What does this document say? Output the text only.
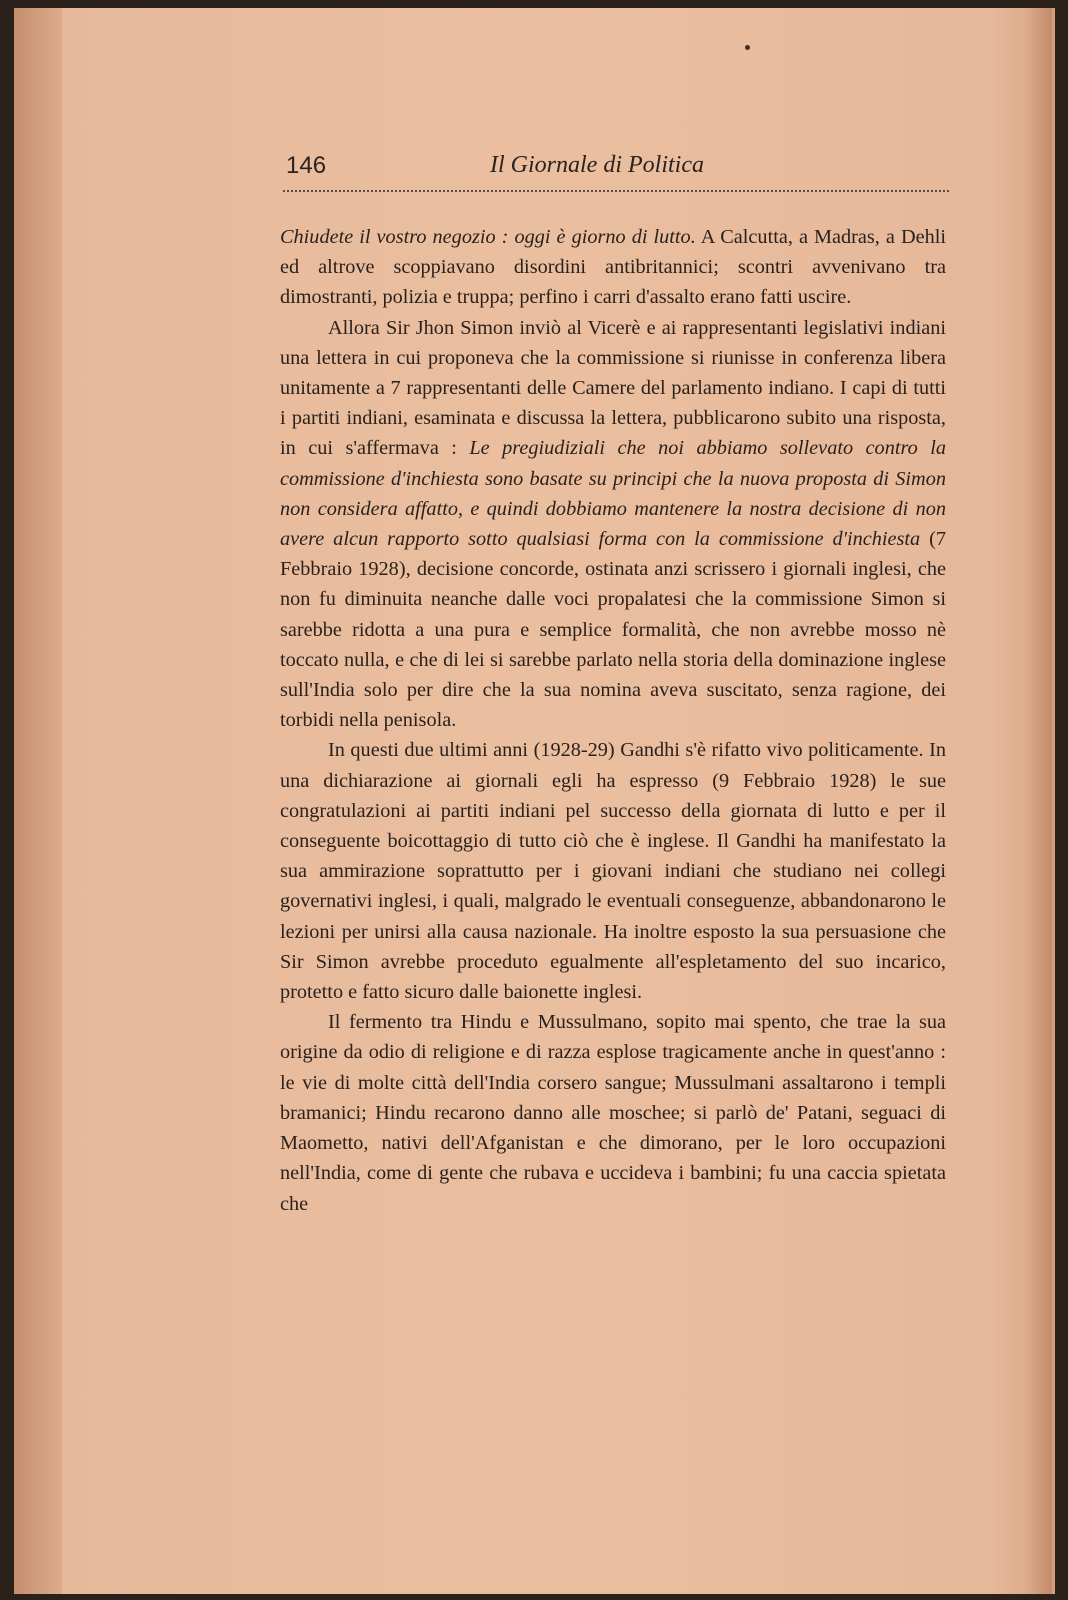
146	Il Giornale di Politica

Chiudete il vostro negozio : oggi è giorno di lutto. A Calcutta, a Madras, a Dehli ed altrove scoppiavano disordini antibritannici; scontri avvenivano tra dimostranti, polizia e truppa; perfino i carri d'assalto erano fatti uscire.

Allora Sir Jhon Simon inviò al Vicerè e ai rappresentanti legislativi indiani una lettera in cui proponeva che la commissione si riunisse in conferenza libera unitamente a 7 rappresentanti delle Camere del parlamento indiano. I capi di tutti i partiti indiani, esaminata e discussa la lettera, pubblicarono subito una risposta, in cui s'affermava : Le pregiudiziali che noi abbiamo sollevato contro la commissione d'inchiesta sono basate su principi che la nuova proposta di Simon non considera affatto, e quindi dobbiamo mantenere la nostra decisione di non avere alcun rapporto sotto qualsiasi forma con la commissione d'inchiesta (7 Febbraio 1928), decisione concorde, ostinata anzi scrissero i giornali inglesi, che non fu diminuita neanche dalle voci propalatesi che la commissione Simon si sarebbe ridotta a una pura e semplice formalità, che non avrebbe mosso nè toccato nulla, e che di lei si sarebbe parlato nella storia della dominazione inglese sull'India solo per dire che la sua nomina aveva suscitato, senza ragione, dei torbidi nella penisola.

In questi due ultimi anni (1928-29) Gandhi s'è rifatto vivo politicamente. In una dichiarazione ai giornali egli ha espresso (9 Febbraio 1928) le sue congratulazioni ai partiti indiani pel successo della giornata di lutto e per il conseguente boicottaggio di tutto ciò che è inglese. Il Gandhi ha manifestato la sua ammirazione soprattutto per i giovani indiani che studiano nei collegi governativi inglesi, i quali, malgrado le eventuali conseguenze, abbandonarono le lezioni per unirsi alla causa nazionale. Ha inoltre esposto la sua persuasione che Sir Simon avrebbe proceduto egualmente all'espletamento del suo incarico, protetto e fatto sicuro dalle baionette inglesi.

Il fermento tra Hindu e Mussulmano, sopito mai spento, che trae la sua origine da odio di religione e di razza esplose tragicamente anche in quest'anno : le vie di molte città dell'India corsero sangue; Mussulmani assaltarono i templi bramanici; Hindu recarono danno alle moschee; si parlò de' Patani, seguaci di Maometto, nativi dell'Afganistan e che dimorano, per le loro occupazioni nell'India, come di gente che rubava e uccideva i bambini; fu una caccia spietata che
